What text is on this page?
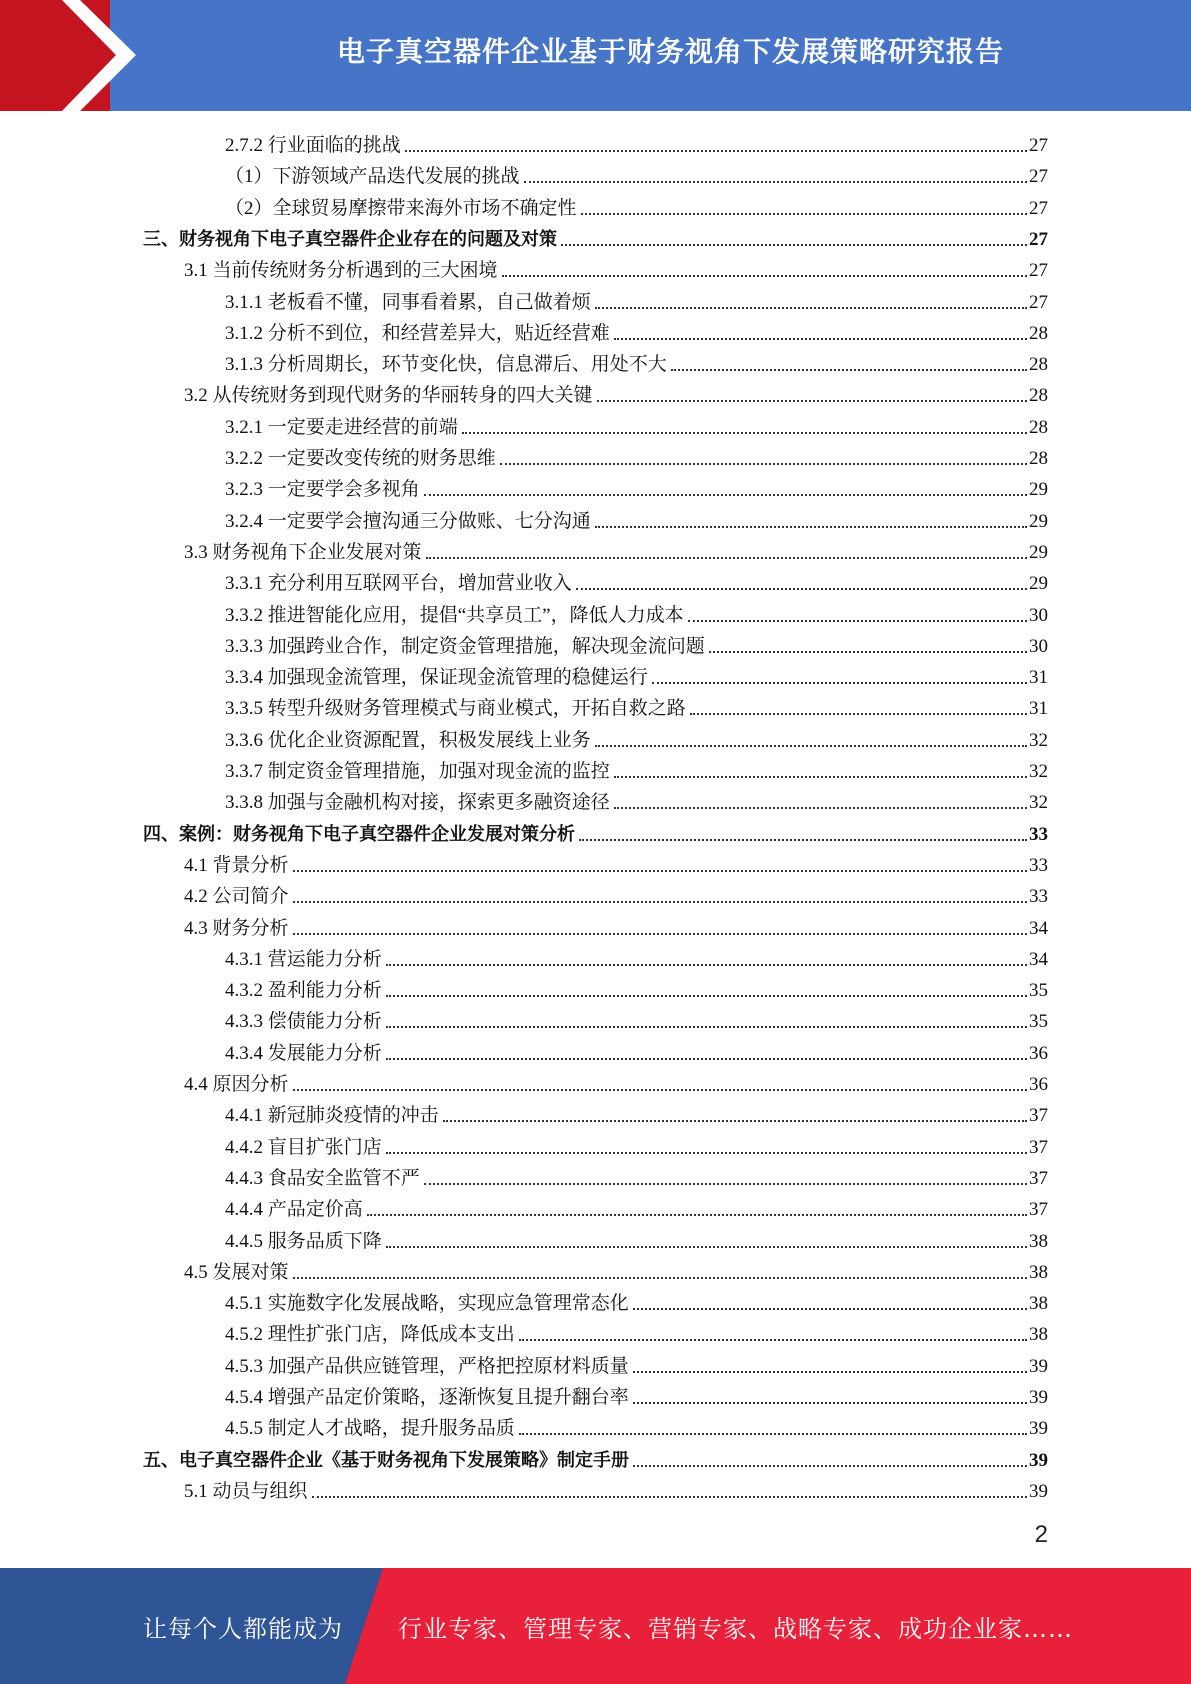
电子真空器件企业基于财务视角下发展策略研究报告
2.7.2 行业面临的挑战	27
（1）下游领域产品迭代发展的挑战	27
（2）全球贸易摩擦带来海外市场不确定性	27
三、财务视角下电子真空器件企业存在的问题及对策	27
3.1 当前传统财务分析遇到的三大困境	27
3.1.1 老板看不懂，同事看着累，自己做着烦	27
3.1.2 分析不到位，和经营差异大，贴近经营难	28
3.1.3 分析周期长，环节变化快，信息滞后、用处不大	28
3.2 从传统财务到现代财务的华丽转身的四大关键	28
3.2.1 一定要走进经营的前端	28
3.2.2 一定要改变传统的财务思维	28
3.2.3 一定要学会多视角	29
3.2.4 一定要学会擅沟通三分做账、七分沟通	29
3.3 财务视角下企业发展对策	29
3.3.1 充分利用互联网平台，增加营业收入	29
3.3.2 推进智能化应用，提倡“共享员工”，降低人力成本	30
3.3.3 加强跨业合作，制定资金管理措施，解决现金流问题	30
3.3.4 加强现金流管理，保证现金流管理的稳健运行	31
3.3.5 转型升级财务管理模式与商业模式，开拓自救之路	31
3.3.6 优化企业资源配置，积极发展线上业务	32
3.3.7 制定资金管理措施，加强对现金流的监控	32
3.3.8 加强与金融机构对接，探索更多融资途径	32
四、案例：财务视角下电子真空器件企业发展对策分析	33
4.1 背景分析	33
4.2 公司简介	33
4.3 财务分析	34
4.3.1 营运能力分析	34
4.3.2 盈利能力分析	35
4.3.3 偿债能力分析	35
4.3.4 发展能力分析	36
4.4 原因分析	36
4.4.1 新冠肺炎疫情的冲击	37
4.4.2 盲目扩张门店	37
4.4.3 食品安全监管不严	37
4.4.4 产品定价高	37
4.4.5 服务品质下降	38
4.5 发展对策	38
4.5.1 实施数字化发展战略，实现应急管理常态化	38
4.5.2 理性扩张门店，降低成本支出	38
4.5.3 加强产品供应链管理，严格把控原材料质量	39
4.5.4 增强产品定价策略，逐渐恢复且提升翻台率	39
4.5.5 制定人才战略，提升服务品质	39
五、电子真空器件企业《基于财务视角下发展策略》制定手册	39
5.1 动员与组织	39
2
让每个人都能成为 行业专家、管理专家、营销专家、战略专家、成功企业家……
